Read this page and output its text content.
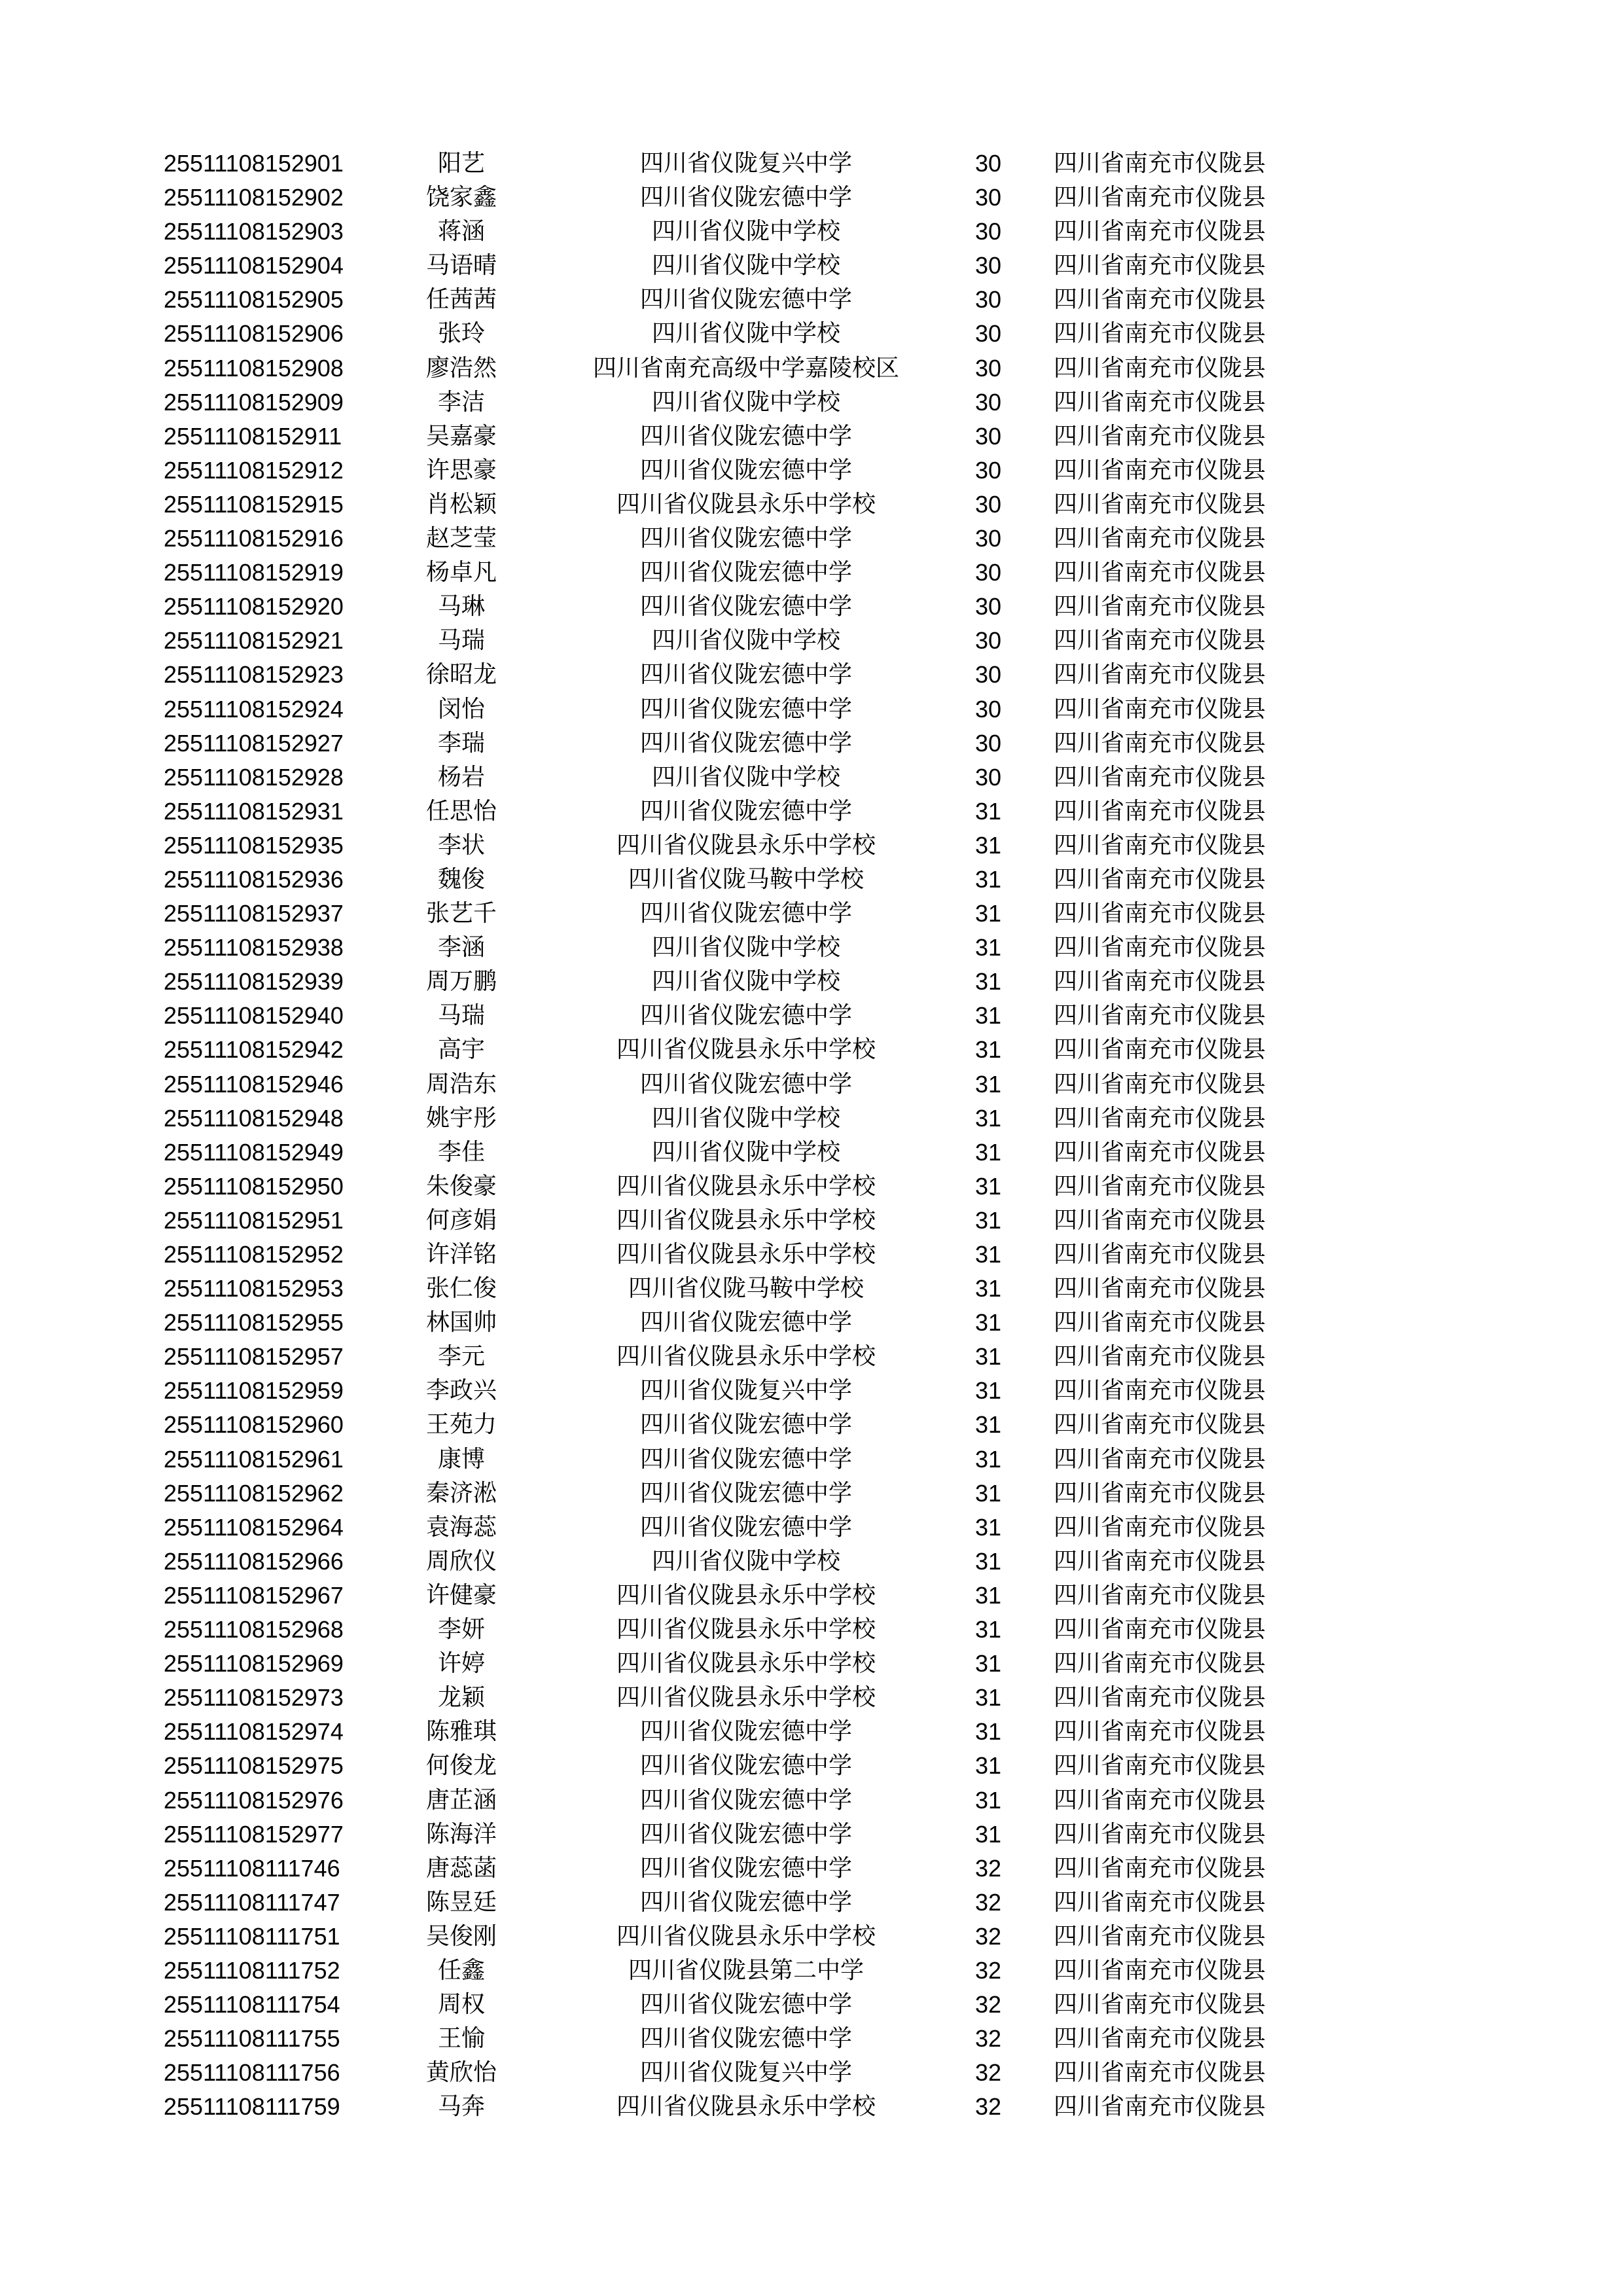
25511108152901	阳艺	四川省仪陇复兴中学	30	四川省南充市仪陇县
25511108152902	饶家鑫	四川省仪陇宏德中学	30	四川省南充市仪陇县
25511108152903	蒋涵	四川省仪陇中学校	30	四川省南充市仪陇县
25511108152904	马语晴	四川省仪陇中学校	30	四川省南充市仪陇县
25511108152905	任茜茜	四川省仪陇宏德中学	30	四川省南充市仪陇县
25511108152906	张玲	四川省仪陇中学校	30	四川省南充市仪陇县
25511108152908	廖浩然	四川省南充高级中学嘉陵校区	30	四川省南充市仪陇县
25511108152909	李洁	四川省仪陇中学校	30	四川省南充市仪陇县
25511108152911	吴嘉豪	四川省仪陇宏德中学	30	四川省南充市仪陇县
25511108152912	许思豪	四川省仪陇宏德中学	30	四川省南充市仪陇县
25511108152915	肖松颖	四川省仪陇县永乐中学校	30	四川省南充市仪陇县
25511108152916	赵芝莹	四川省仪陇宏德中学	30	四川省南充市仪陇县
25511108152919	杨卓凡	四川省仪陇宏德中学	30	四川省南充市仪陇县
25511108152920	马琳	四川省仪陇宏德中学	30	四川省南充市仪陇县
25511108152921	马瑞	四川省仪陇中学校	30	四川省南充市仪陇县
25511108152923	徐昭龙	四川省仪陇宏德中学	30	四川省南充市仪陇县
25511108152924	闵怡	四川省仪陇宏德中学	30	四川省南充市仪陇县
25511108152927	李瑞	四川省仪陇宏德中学	30	四川省南充市仪陇县
25511108152928	杨岩	四川省仪陇中学校	30	四川省南充市仪陇县
25511108152931	任思怡	四川省仪陇宏德中学	31	四川省南充市仪陇县
25511108152935	李状	四川省仪陇县永乐中学校	31	四川省南充市仪陇县
25511108152936	魏俊	四川省仪陇马鞍中学校	31	四川省南充市仪陇县
25511108152937	张艺千	四川省仪陇宏德中学	31	四川省南充市仪陇县
25511108152938	李涵	四川省仪陇中学校	31	四川省南充市仪陇县
25511108152939	周万鹏	四川省仪陇中学校	31	四川省南充市仪陇县
25511108152940	马瑞	四川省仪陇宏德中学	31	四川省南充市仪陇县
25511108152942	高宇	四川省仪陇县永乐中学校	31	四川省南充市仪陇县
25511108152946	周浩东	四川省仪陇宏德中学	31	四川省南充市仪陇县
25511108152948	姚宇彤	四川省仪陇中学校	31	四川省南充市仪陇县
25511108152949	李佳	四川省仪陇中学校	31	四川省南充市仪陇县
25511108152950	朱俊豪	四川省仪陇县永乐中学校	31	四川省南充市仪陇县
25511108152951	何彦娟	四川省仪陇县永乐中学校	31	四川省南充市仪陇县
25511108152952	许洋铭	四川省仪陇县永乐中学校	31	四川省南充市仪陇县
25511108152953	张仁俊	四川省仪陇马鞍中学校	31	四川省南充市仪陇县
25511108152955	林国帅	四川省仪陇宏德中学	31	四川省南充市仪陇县
25511108152957	李元	四川省仪陇县永乐中学校	31	四川省南充市仪陇县
25511108152959	李政兴	四川省仪陇复兴中学	31	四川省南充市仪陇县
25511108152960	王苑力	四川省仪陇宏德中学	31	四川省南充市仪陇县
25511108152961	康博	四川省仪陇宏德中学	31	四川省南充市仪陇县
25511108152962	秦济淞	四川省仪陇宏德中学	31	四川省南充市仪陇县
25511108152964	袁海蕊	四川省仪陇宏德中学	31	四川省南充市仪陇县
25511108152966	周欣仪	四川省仪陇中学校	31	四川省南充市仪陇县
25511108152967	许健豪	四川省仪陇县永乐中学校	31	四川省南充市仪陇县
25511108152968	李妍	四川省仪陇县永乐中学校	31	四川省南充市仪陇县
25511108152969	许婷	四川省仪陇县永乐中学校	31	四川省南充市仪陇县
25511108152973	龙颖	四川省仪陇县永乐中学校	31	四川省南充市仪陇县
25511108152974	陈雅琪	四川省仪陇宏德中学	31	四川省南充市仪陇县
25511108152975	何俊龙	四川省仪陇宏德中学	31	四川省南充市仪陇县
25511108152976	唐芷涵	四川省仪陇宏德中学	31	四川省南充市仪陇县
25511108152977	陈海洋	四川省仪陇宏德中学	31	四川省南充市仪陇县
25511108111746	唐蕊菡	四川省仪陇宏德中学	32	四川省南充市仪陇县
25511108111747	陈昱廷	四川省仪陇宏德中学	32	四川省南充市仪陇县
25511108111751	吴俊刚	四川省仪陇县永乐中学校	32	四川省南充市仪陇县
25511108111752	任鑫	四川省仪陇县第二中学	32	四川省南充市仪陇县
25511108111754	周权	四川省仪陇宏德中学	32	四川省南充市仪陇县
25511108111755	王愉	四川省仪陇宏德中学	32	四川省南充市仪陇县
25511108111756	黄欣怡	四川省仪陇复兴中学	32	四川省南充市仪陇县
25511108111759	马奔	四川省仪陇县永乐中学校	32	四川省南充市仪陇县
